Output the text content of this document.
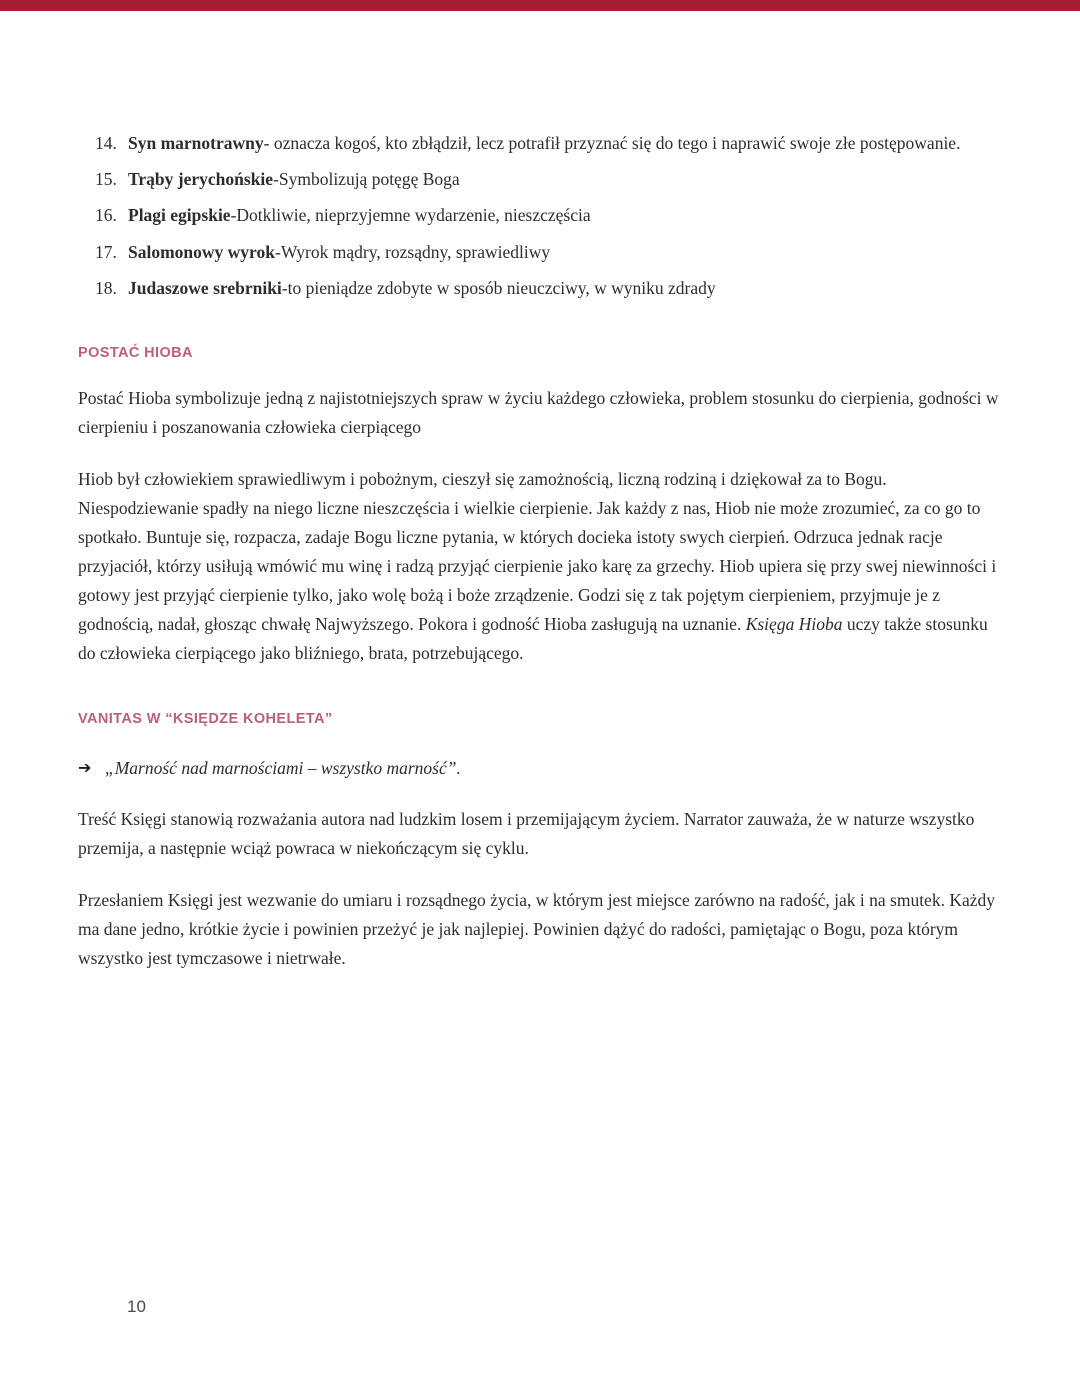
14. Syn marnotrawny- oznacza kogoś, kto zbłądził, lecz potrafił przyznać się do tego i naprawić swoje złe postępowanie.
15. Trąby jerychońskie-Symbolizują potęgę Boga
16. Plagi egipskie-Dotkliwie, nieprzyjemne wydarzenie, nieszczęścia
17. Salomonowy wyrok-Wyrok mądry, rozsądny, sprawiedliwy
18. Judaszowe srebrniki-to pieniądze zdobyte w sposób nieuczciwy, w wyniku zdrady
POSTAĆ HIOBA

Postać Hioba symbolizuje jedną z najistotniejszych spraw w życiu każdego człowieka, problem stosunku do cierpienia, godności w cierpieniu i poszanowania człowieka cierpiącego

Hiob był człowiekiem sprawiedliwym i pobożnym, cieszył się zamożnością, liczną rodziną i dziękował za to Bogu. Niespodziewanie spadły na niego liczne nieszczęścia i wielkie cierpienie. Jak każdy z nas, Hiob nie może zrozumieć, za co go to spotkało. Buntuje się, rozpacza, zadaje Bogu liczne pytania, w których docieka istoty swych cierpień. Odrzuca jednak racje przyjaciół, którzy usiłują wmówić mu winę i radzą przyjąć cierpienie jako karę za grzechy. Hiob upiera się przy swej niewinności i gotowy jest przyjąć cierpienie tylko, jako wolę bożą i boże zrządzenie. Godzi się z tak pojętym cierpieniem, przyjmuje je z godnością, nadał, głosząc chwałę Najwyższego. Pokora i godność Hioba zasługują na uznanie. Księga Hioba uczy także stosunku do człowieka cierpiącego jako bliźniego, brata, potrzebującego.

VANITAS W “KSIĘDZE KOHELETA”
➔ „Marność nad marnościami – wszystko marność”.

Treść Księgi stanowią rozważania autora nad ludzkim losem i przemijającym życiem. Narrator zauważa, że w naturze wszystko przemija, a następnie wciąż powraca w niekończącym się cyklu.

Przesłaniem Księgi jest wezwanie do umiaru i rozsądnego życia, w którym jest miejsce zarówno na radość, jak i na smutek. Każdy ma dane jedno, krótkie życie i powinien przeżyć je jak najlepiej. Powinien dążyć do radości, pamiętając o Bogu, poza którym wszystko jest tymczasowe i nietrwałe.

10
